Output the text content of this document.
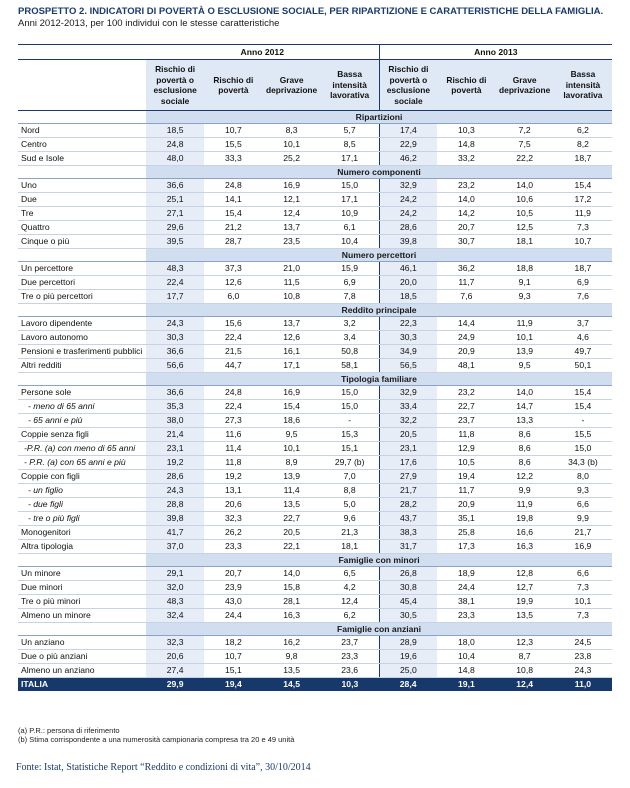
PROSPETTO 2. INDICATORI DI POVERTÀ O ESCLUSIONE SOCIALE, PER RIPARTIZIONE E CARATTERISTICHE DELLA FAMIGLIA. Anni 2012-2013, per 100 individui con le stesse caratteristiche
	Anno 2012				Anno 2013			
	Rischio di povertà o esclusione sociale	Rischio di povertà	Grave deprivazione	Bassa intensità lavorativa	Rischio di povertà o esclusione sociale	Rischio di povertà	Grave deprivazione	Bassa intensità lavorativa
	Ripartizioni							
Nord	18,5	10,7	8,3	5,7	17,4	10,3	7,2	6,2
Centro	24,8	15,5	10,1	8,5	22,9	14,8	7,5	8,2
Sud e Isole	48,0	33,3	25,2	17,1	46,2	33,2	22,2	18,7
	Numero componenti							
Uno	36,6	24,8	16,9	15,0	32,9	23,2	14,0	15,4
Due	25,1	14,1	12,1	17,1	24,2	14,0	10,6	17,2
Tre	27,1	15,4	12,4	10,9	24,2	14,2	10,5	11,9
Quattro	29,6	21,2	13,7	6,1	28,6	20,7	12,5	7,3
Cinque o più	39,5	28,7	23,5	10,4	39,8	30,7	18,1	10,7
	Numero percettori							
Un percettore	48,3	37,3	21,0	15,9	46,1	36,2	18,8	18,7
Due percettori	22,4	12,6	11,5	6,9	20,0	11,7	9,1	6,9
Tre o più percettori	17,7	6,0	10,8	7,8	18,5	7,6	9,3	7,6
	Reddito principale							
Lavoro dipendente	24,3	15,6	13,7	3,2	22,3	14,4	11,9	3,7
Lavoro autonomo	30,3	22,4	12,6	3,4	30,3	24,9	10,1	4,6
Pensioni e trasferimenti pubblici	36,6	21,5	16,1	50,8	34,9	20,9	13,9	49,7
Altri redditi	56,6	44,7	17,1	58,1	56,5	48,1	9,5	50,1
	Tipologia familiare							
Persone sole	36,6	24,8	16,9	15,0	32,9	23,2	14,0	15,4
- meno di 65 anni	35,3	22,4	15,4	15,0	33,4	22,7	14,7	15,4
- 65 anni e più	38,0	27,3	18,6	-	32,2	23,7	13,3	-
Coppie senza figli	21,4	11,6	9,5	15,3	20,5	11,8	8,6	15,5
-P.R. (a) con meno di 65 anni	23,1	11,4	10,1	15,1	23,1	12,9	8,6	15,0
- P.R. (a) con 65 anni e più	19,2	11,8	8,9	29,7 (b)	17,6	10,5	8,6	34,3 (b)
Coppie con figli	28,6	19,2	13,9	7,0	27,9	19,4	12,2	8,0
- un figlio	24,3	13,1	11,4	8,8	21,7	11,7	9,9	9,3
- due figli	28,8	20,6	13,5	5,0	28,2	20,9	11,9	6,6
- tre o più figli	39,8	32,3	22,7	9,6	43,7	35,1	19,8	9,9
Monogenitori	41,7	26,2	20,5	21,3	38,3	25,8	16,6	21,7
Altra tipologia	37,0	23,3	22,1	18,1	31,7	17,3	16,3	16,9
	Famiglie con minori							
Un minore	29,1	20,7	14,0	6,5	26,8	18,9	12,8	6,6
Due minori	32,0	23,9	15,8	4,2	30,8	24,4	12,7	7,3
Tre o più minori	48,3	43,0	28,1	12,4	45,4	38,1	19,9	10,1
Almeno un minore	32,4	24,4	16,3	6,2	30,5	23,3	13,5	7,3
	Famiglie con anziani							
Un anziano	32,3	18,2	16,2	23,7	28,9	18,0	12,3	24,5
Due o più anziani	20,6	10,7	9,8	23,3	19,6	10,4	8,7	23,8
Almeno un anziano	27,4	15,1	13,5	23,6	25,0	14,8	10,8	24,3
ITALIA	29,9	19,4	14,5	10,3	28,4	19,1	12,4	11,0
(a) P.R.: persona di riferimento
(b) Stima corrispondente a una numerosità campionaria compresa tra 20 e 49 unità
Fonte: Istat, Statistiche Report “Reddito e condizioni di vita”, 30/10/2014
